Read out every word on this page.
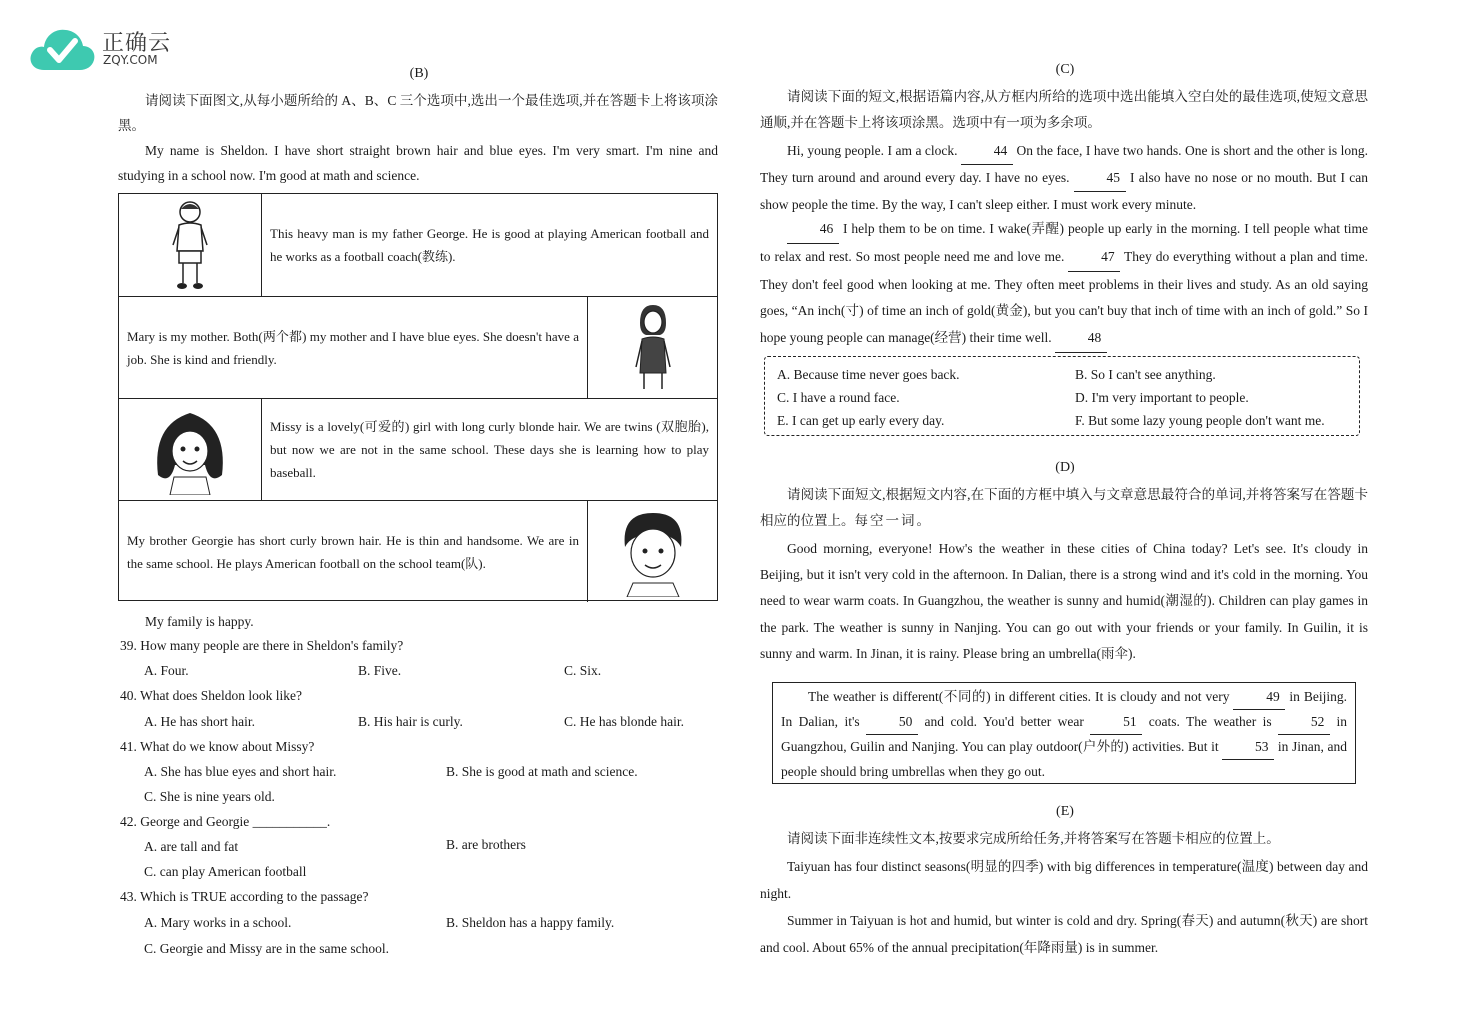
正确云
ZQY.COM
(B)
请阅读下面图文,从每小题所给的 A、B、C 三个选项中,选出一个最佳选项,并在答题卡上将该项涂黑。
My name is Sheldon. I have short straight brown hair and blue eyes. I'm very smart. I'm nine and studying in a school now. I'm good at math and science.
This heavy man is my father George. He is good at playing American football and he works as a football coach(教练).
Mary is my mother. Both(两个都) my mother and I have blue eyes. She doesn't have a job. She is kind and friendly.
Missy is a lovely(可爱的) girl with long curly blonde hair. We are twins (双胞胎), but now we are not in the same school. These days she is learning how to play baseball.
My brother Georgie has short curly brown hair. He is thin and handsome. We are in the same school. He plays American football on the school team(队).
My family is happy.
39. How many people are there in Sheldon's family?
A. Four.	B. Five.	C. Six.
40. What does Sheldon look like?
A. He has short hair.	B. His hair is curly.	C. He has blonde hair.
41. What do we know about Missy?
A. She has blue eyes and short hair.	B. She is good at math and science.
C. She is nine years old.
42. George and Georgie ___________.
A. are tall and fat	B. are brothers
C. can play American football
43. Which is TRUE according to the passage?
A. Mary works in a school.	B. Sheldon has a happy family.
C. Georgie and Missy are in the same school.
(C)
请阅读下面的短文,根据语篇内容,从方框内所给的选项中选出能填入空白处的最佳选项,使短文意思通顺,并在答题卡上将该项涂黑。选项中有一项为多余项。
Hi, young people. I am a clock. 44 On the face, I have two hands. One is short and the other is long. They turn around and around every day. I have no eyes. 45 I also have no nose or no mouth. But I can show people the time. By the way, I can't sleep either. I must work every minute.
46 I help them to be on time. I wake(弄醒) people up early in the morning. I tell people what time to relax and rest. So most people need me and love me. 47 They do everything without a plan and time. They don't feel good when looking at me. They often meet problems in their lives and study. As an old saying goes, “An inch(寸) of time an inch of gold(黄金), but you can't buy that inch of time with an inch of gold.” So I hope young people can manage(经营) their time well. 48
A. Because time never goes back.	B. So I can't see anything.
C. I have a round face.	D. I'm very important to people.
E. I can get up early every day.	F. But some lazy young people don't want me.
(D)
请阅读下面短文,根据短文内容,在下面的方框中填入与文章意思最符合的单词,并将答案写在答题卡相应的位置上。每空一词。
Good morning, everyone! How's the weather in these cities of China today? Let's see. It's cloudy in Beijing, but it isn't very cold in the afternoon. In Dalian, there is a strong wind and it's cold in the morning. You need to wear warm coats. In Guangzhou, the weather is sunny and humid(潮湿的). Children can play games in the park. The weather is sunny in Nanjing. You can go out with your friends or your family. In Guilin, it is sunny and warm. In Jinan, it is rainy. Please bring an umbrella(雨伞).
The weather is different(不同的) in different cities. It is cloudy and not very 49 in Beijing. In Dalian, it's 50 and cold. You'd better wear 51 coats. The weather is 52 in Guangzhou, Guilin and Nanjing. You can play outdoor(户外的) activities. But it 53 in Jinan, and people should bring umbrellas when they go out.
(E)
请阅读下面非连续性文本,按要求完成所给任务,并将答案写在答题卡相应的位置上。
Taiyuan has four distinct seasons(明显的四季) with big differences in temperature(温度) between day and night.
Summer in Taiyuan is hot and humid, but winter is cold and dry. Spring(春天) and autumn(秋天) are short and cool. About 65% of the annual precipitation(年降雨量) is in summer.
